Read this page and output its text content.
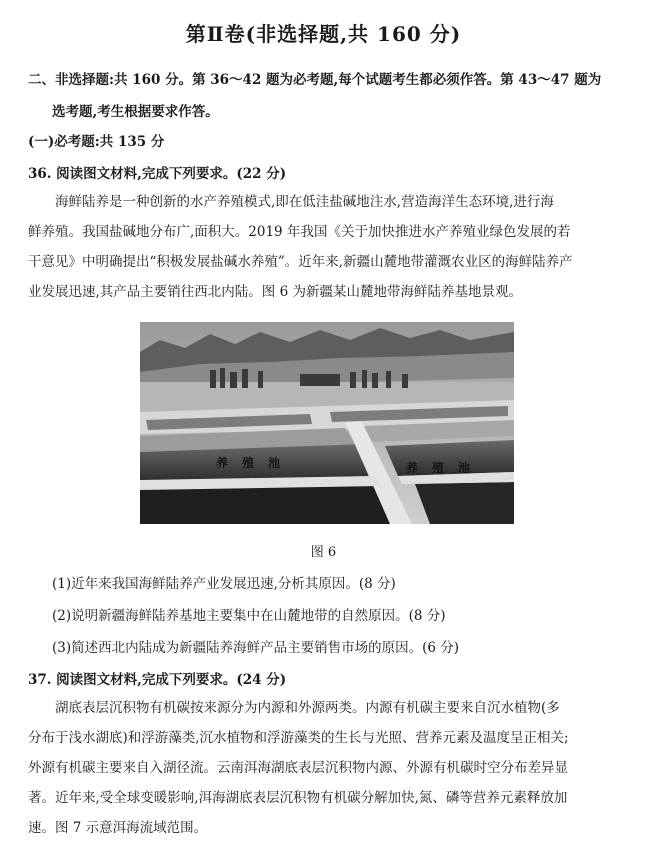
第Ⅱ卷(非选择题,共 160 分)
二、非选择题:共 160 分。第 36～42 题为必考题,每个试题考生都必须作答。第 43～47 题为
选考题,考生根据要求作答。
(一)必考题:共 135 分
36. 阅读图文材料,完成下列要求。(22 分)

海鲜陆养是一种创新的水产养殖模式,即在低洼盐碱地注水,营造海洋生态环境,进行海

鲜养殖。我国盐碱地分布广,面积大。2019 年我国《关于加快推进水产养殖业绿色发展的若

干意见》中明确提出“积极发展盐碱水养殖”。近年来,新疆山麓地带灌溉农业区的海鲜陆养产

业发展迅速,其产品主要销往西北内陆。图 6 为新疆某山麓地带海鲜陆养基地景观。

养殖池	养殖池
图 6
(1)近年来我国海鲜陆养产业发展迅速,分析其原因。(8 分)
(2)说明新疆海鲜陆养基地主要集中在山麓地带的自然原因。(8 分)
(3)简述西北内陆成为新疆陆养海鲜产品主要销售市场的原因。(6 分)
37. 阅读图文材料,完成下列要求。(24 分)

湖底表层沉积物有机碳按来源分为内源和外源两类。内源有机碳主要来自沉水植物(多

分布于浅水湖底)和浮游藻类,沉水植物和浮游藻类的生长与光照、营养元素及温度呈正相关;

外源有机碳主要来自入湖径流。云南洱海湖底表层沉积物内源、外源有机碳时空分布差异显

著。近年来,受全球变暖影响,洱海湖底表层沉积物有机碳分解加快,氮、磷等营养元素释放加

速。图 7 示意洱海流域范围。
